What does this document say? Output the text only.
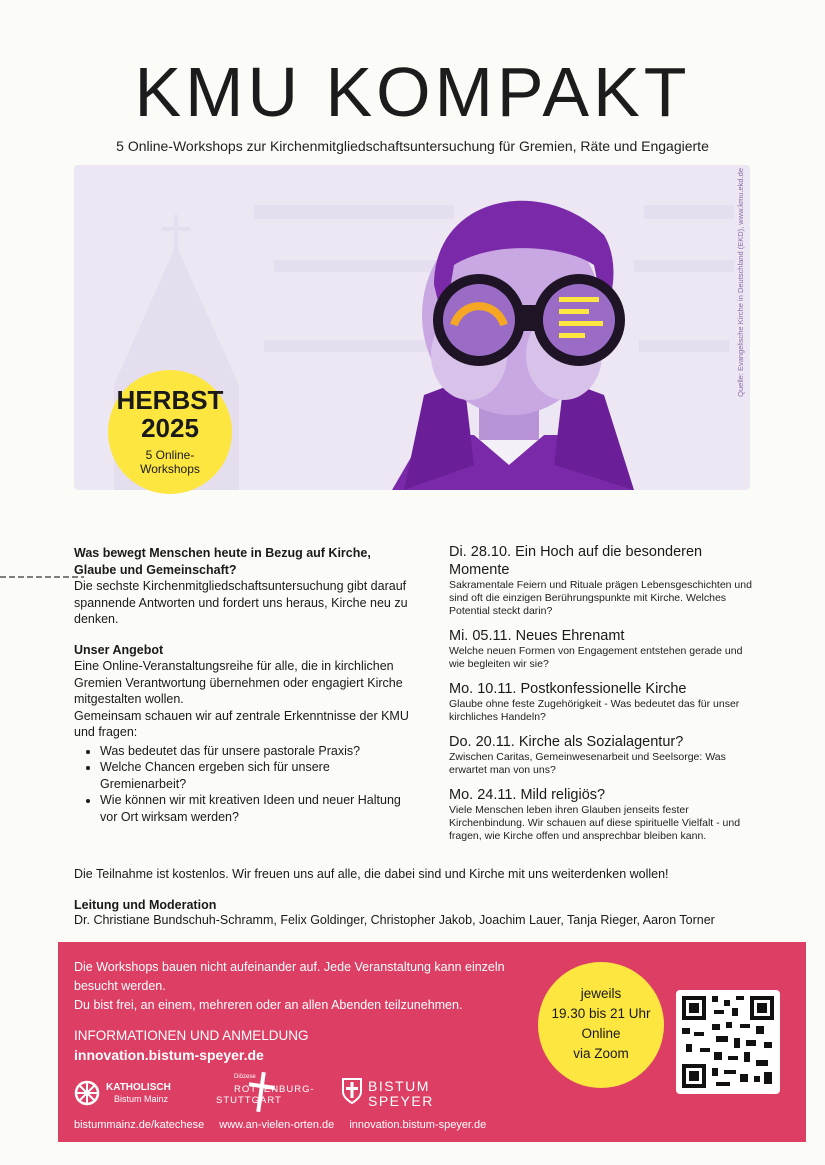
KMU KOMPAKT
5 Online-Workshops zur Kirchenmitgliedschaftsuntersuchung für Gremien, Räte und Engagierte
Quelle: Evangelische Kirche in Deutschland (EKD), www.kmu.ekd.de
HERBST
2025
5 Online-
Workshops

Was bewegt Menschen heute in Bezug auf Kirche, Glaube und Gemeinschaft?

Die sechste Kirchenmitgliedschaftsuntersuchung gibt darauf spannende Antworten und fordert uns heraus, Kirche neu zu denken.

Unser Angebot

Eine Online-Veranstaltungsreihe für alle, die in kirchlichen Gremien Verantwortung übernehmen oder engagiert Kirche mitgestalten wollen.

Gemeinsam schauen wir auf zentrale Erkenntnisse der KMU und fragen:

• Was bedeutet das für unsere pastorale Praxis?
• Welche Chancen ergeben sich für unsere Gremienarbeit?
• Wie können wir mit kreativen Ideen und neuer Haltung vor Ort wirksam werden?
Di. 28.10. Ein Hoch auf die besonderen Momente
Sakramentale Feiern und Rituale prägen Lebensgeschichten und sind oft die einzigen Berührungspunkte mit Kirche. Welches Potential steckt darin?
Mi. 05.11. Neues Ehrenamt
Welche neuen Formen von Engagement entstehen gerade und wie begleiten wir sie?
Mo. 10.11. Postkonfessionelle Kirche
Glaube ohne feste Zugehörigkeit - Was bedeutet das für unser kirchliches Handeln?
Do. 20.11. Kirche als Sozialagentur?
Zwischen Caritas, Gemeinwesenarbeit und Seelsorge: Was erwartet man von uns?
Mo. 24.11. Mild religiös?
Viele Menschen leben ihren Glauben jenseits fester Kirchenbindung. Wir schauen auf diese spirituelle Vielfalt - und fragen, wie Kirche offen und ansprechbar bleiben kann.
Die Teilnahme ist kostenlos. Wir freuen uns auf alle, die dabei sind und Kirche mit uns weiterdenken wollen!
Leitung und Moderation
Dr. Christiane Bundschuh-Schramm, Felix Goldinger, Christopher Jakob, Joachim Lauer, Tanja Rieger, Aaron Torner
Die Workshops bauen nicht aufeinander auf. Jede Veranstaltung kann einzeln besucht werden.
Du bist frei, an einem, mehreren oder an allen Abenden teilzunehmen.
INFORMATIONEN UND ANMELDUNG
innovation.bistum-speyer.de
jeweils
19.30 bis 21 Uhr
Online
via Zoom
KATHOLISCH
Bistum Mainz
Diözese
ROTTENBURG-
STUTTGART
BISTUM
SPEYER
bistummainz.de/katechese www.an-vielen-orten.de innovation.bistum-speyer.de
